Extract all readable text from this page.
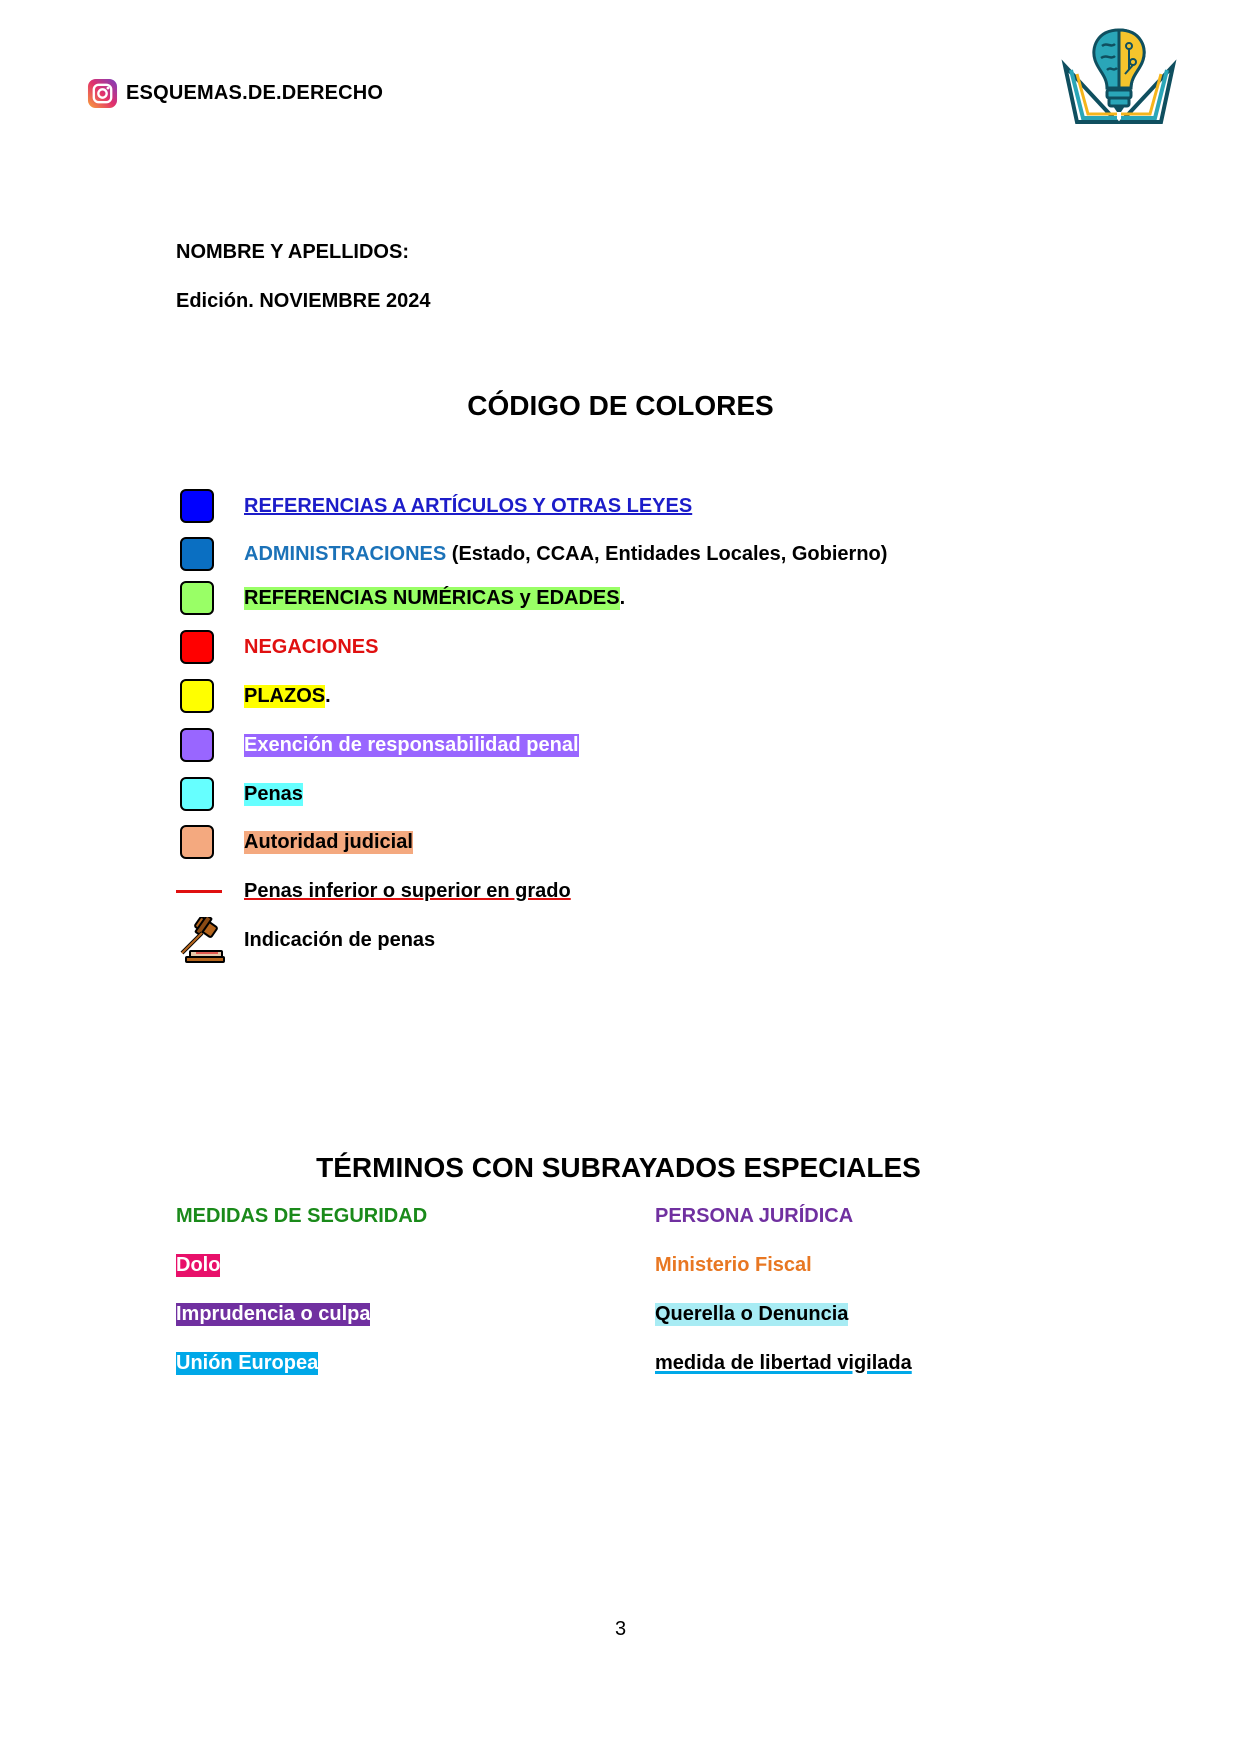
ESQUEMAS.DE.DERECHO
NOMBRE Y APELLIDOS:
Edición. NOVIEMBRE 2024
CÓDIGO DE COLORES
REFERENCIAS A ARTÍCULOS Y OTRAS LEYES
ADMINISTRACIONES (Estado, CCAA, Entidades Locales, Gobierno)
REFERENCIAS NUMÉRICAS y EDADES .
NEGACIONES
PLAZOS .
Exención de responsabilidad penal
Penas
Autoridad judicial
Penas inferior o superior en grado
Indicación de penas
TÉRMINOS CON SUBRAYADOS ESPECIALES
MEDIDAS DE SEGURIDAD
Dolo
Imprudencia o culpa
Unión Europea
PERSONA JURÍDICA
Ministerio Fiscal
Querella o Denuncia
medida de libertad vigilada
3
